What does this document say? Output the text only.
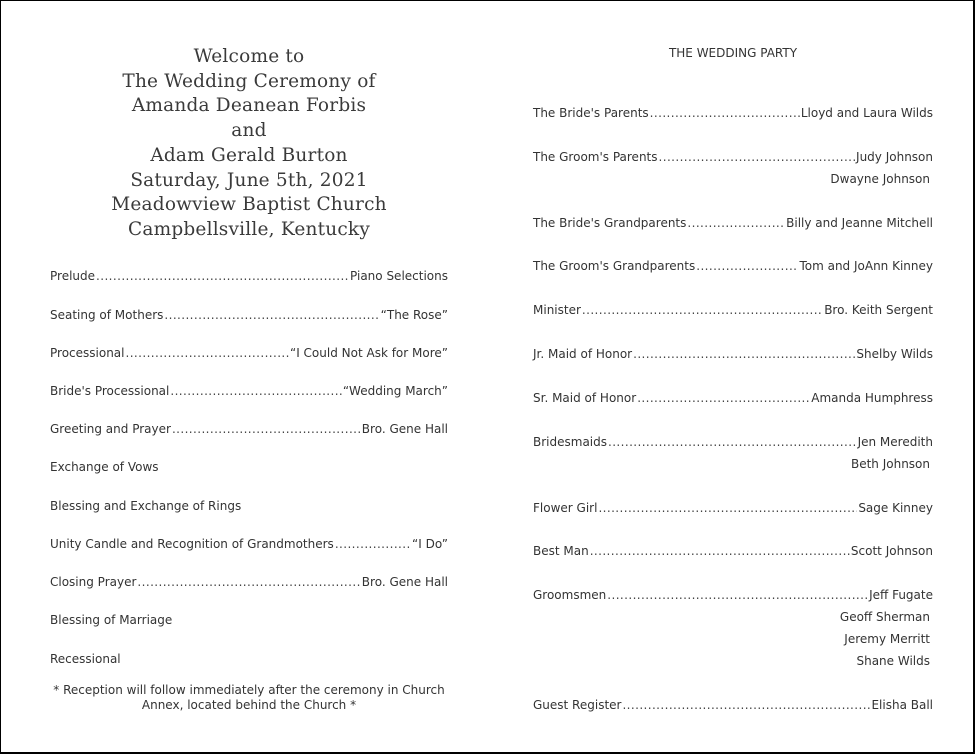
Welcome to
The Wedding Ceremony of
Amanda Deanean Forbis
and
Adam Gerald Burton
Saturday, June 5th, 2021
Meadowview Baptist Church
Campbellsville, Kentucky
Prelude .....	Piano Selections
Seating of Mothers .....	“The Rose”
Processional .....	“I Could Not Ask for More”
Bride's Processional .....	“Wedding March”
Greeting and Prayer .....	Bro. Gene Hall
Exchange of Vows
Blessing and Exchange of Rings
Unity Candle and Recognition of Grandmothers .....	“I Do”
Closing Prayer .....	Bro. Gene Hall
Blessing of Marriage
Recessional
* Reception will follow immediately after the ceremony in Church
Annex, located behind the Church *
THE WEDDING PARTY
The Bride's Parents .....	Lloyd and Laura Wilds
The Groom's Parents .....	Judy Johnson
Dwayne Johnson
The Bride's Grandparents .....	Billy and Jeanne Mitchell
The Groom's Grandparents .....	Tom and JoAnn Kinney
Minister .....	Bro. Keith Sergent
Jr. Maid of Honor .....	Shelby Wilds
Sr. Maid of Honor .....	Amanda Humphress
Bridesmaids .....	Jen Meredith
Beth Johnson
Flower Girl .....	Sage Kinney
Best Man .....	Scott Johnson
Groomsmen .....	Jeff Fugate
Geoff Sherman
Jeremy Merritt
Shane Wilds
Guest Register .....	Elisha Ball
